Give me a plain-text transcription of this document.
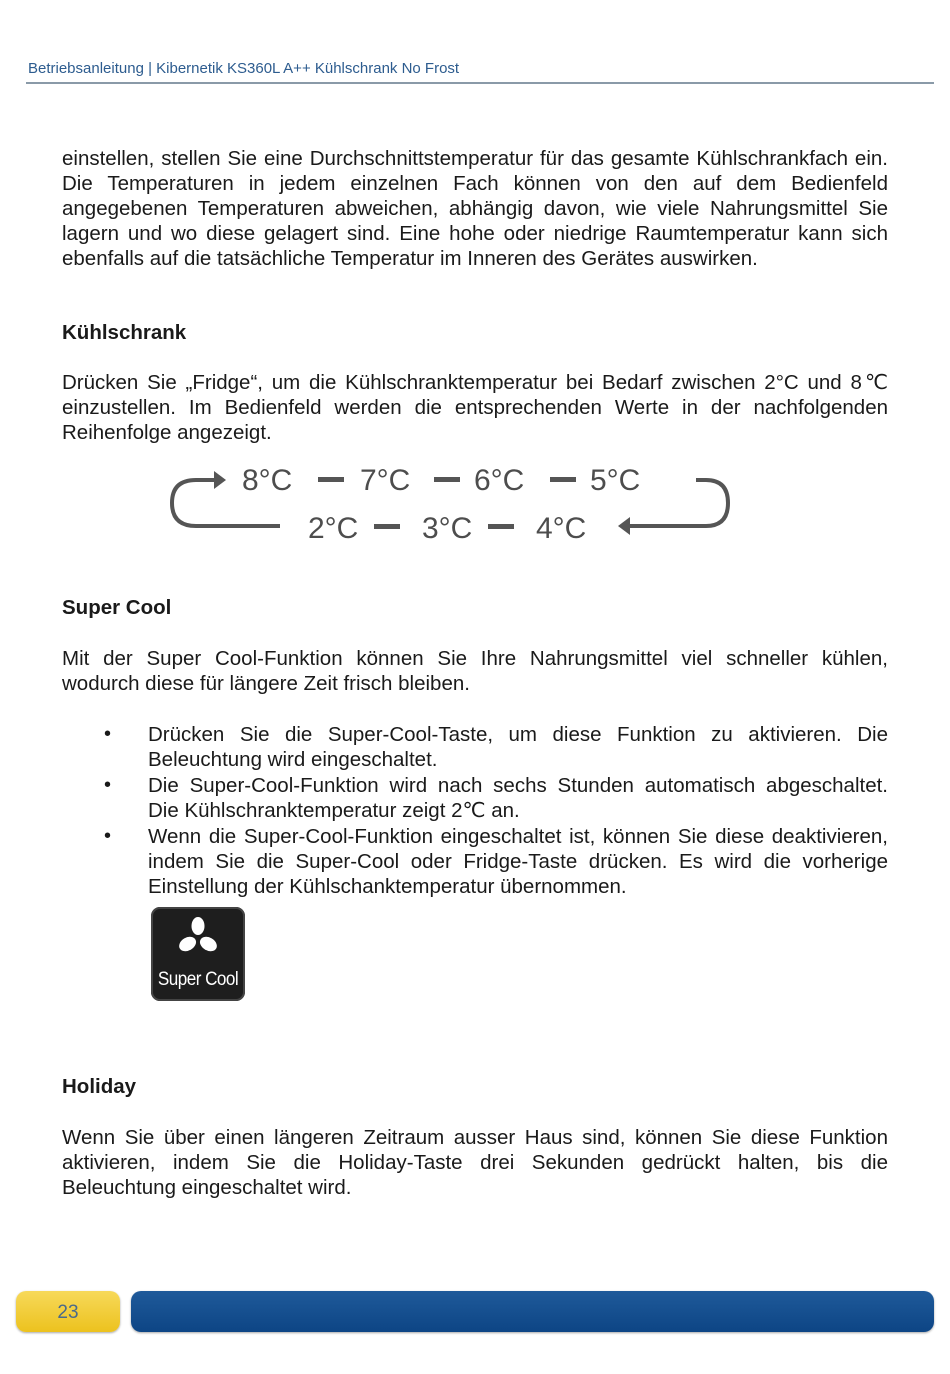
Betriebsanleitung | Kibernetik KS360L A++ Kühlschrank No Frost

einstellen, stellen Sie eine Durchschnittstemperatur für das gesamte Kühlschrankfach ein. Die Temperaturen in jedem einzelnen Fach können von den auf dem Bedienfeld angegebenen Temperaturen abweichen, abhängig davon, wie viele Nahrungsmittel Sie lagern und wo diese gelagert sind. Eine hohe oder niedrige Raumtemperatur kann sich ebenfalls auf die tatsächliche Temperatur im Inneren des Gerätes auswirken.

Kühlschrank

Drücken Sie „Fridge“, um die Kühlschranktemperatur bei Bedarf zwischen 2°C und 8℃ einzustellen. Im Bedienfeld werden die entsprechenden Werte in der nachfolgenden Reihenfolge angezeigt.

8°C 7°C 6°C 5°C
2°C 3°C 4°C
Super Cool

Mit der Super Cool-Funktion können Sie Ihre Nahrungsmittel viel schneller kühlen, wodurch diese für längere Zeit frisch bleiben.

• Drücken Sie die Super-Cool-Taste, um diese Funktion zu aktivieren. Die Beleuchtung wird eingeschaltet.
• Die Super-Cool-Funktion wird nach sechs Stunden automatisch abgeschaltet. Die Kühlschranktemperatur zeigt 2℃ an.
• Wenn die Super-Cool-Funktion eingeschaltet ist, können Sie diese deaktivieren, indem Sie die Super-Cool oder Fridge-Taste drücken. Es wird die vorherige Einstellung der Kühlschanktemperatur übernommen.
Super Cool
Holiday

Wenn Sie über einen längeren Zeitraum ausser Haus sind, können Sie diese Funktion aktivieren, indem Sie die Holiday-Taste drei Sekunden gedrückt halten, bis die Beleuchtung eingeschaltet wird.

23
